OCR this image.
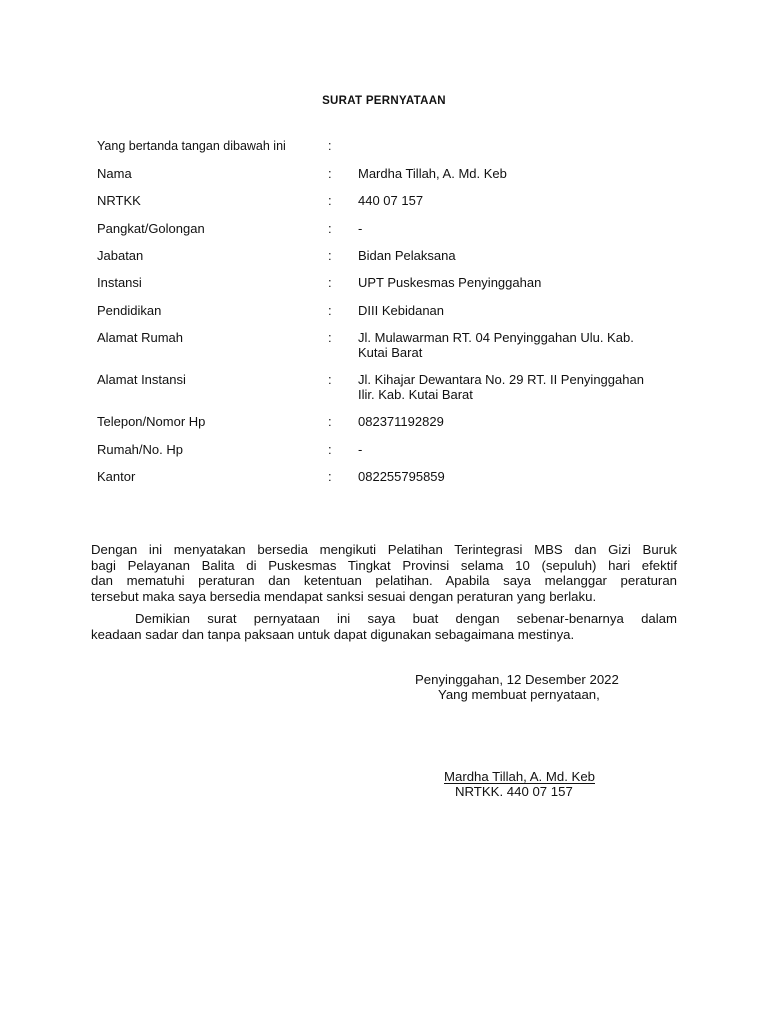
SURAT PERNYATAAN
Yang bertanda tangan dibawah ini	:
Nama	: Mardha Tillah, A. Md. Keb
NRTKK	: 440 07 157
Pangkat/Golongan	: -
Jabatan	: Bidan Pelaksana
Instansi	: UPT Puskesmas Penyinggahan
Pendidikan	: DIII Kebidanan
Alamat Rumah	: Jl. Mulawarman RT. 04 Penyinggahan Ulu. Kab.
Kutai Barat
Alamat Instansi	: Jl. Kihajar Dewantara No. 29 RT. II Penyinggahan
Ilir. Kab. Kutai Barat
Telepon/Nomor Hp	: 082371192829
Rumah/No. Hp	: -
Kantor	: 082255795859
Dengan ini menyatakan bersedia mengikuti Pelatihan Terintegrasi MBS dan Gizi Buruk
bagi Pelayanan Balita di Puskesmas Tingkat Provinsi selama 10 (sepuluh) hari efektif
dan mematuhi peraturan dan ketentuan pelatihan. Apabila saya melanggar peraturan
tersebut maka saya bersedia mendapat sanksi sesuai dengan peraturan yang berlaku.
Demikian surat pernyataan ini saya buat dengan sebenar-benarnya dalam
keadaan sadar dan tanpa paksaan untuk dapat digunakan sebagaimana mestinya.
Penyinggahan, 12 Desember 2022
Yang membuat pernyataan,
Mardha Tillah, A. Md. Keb
NRTKK. 440 07 157
